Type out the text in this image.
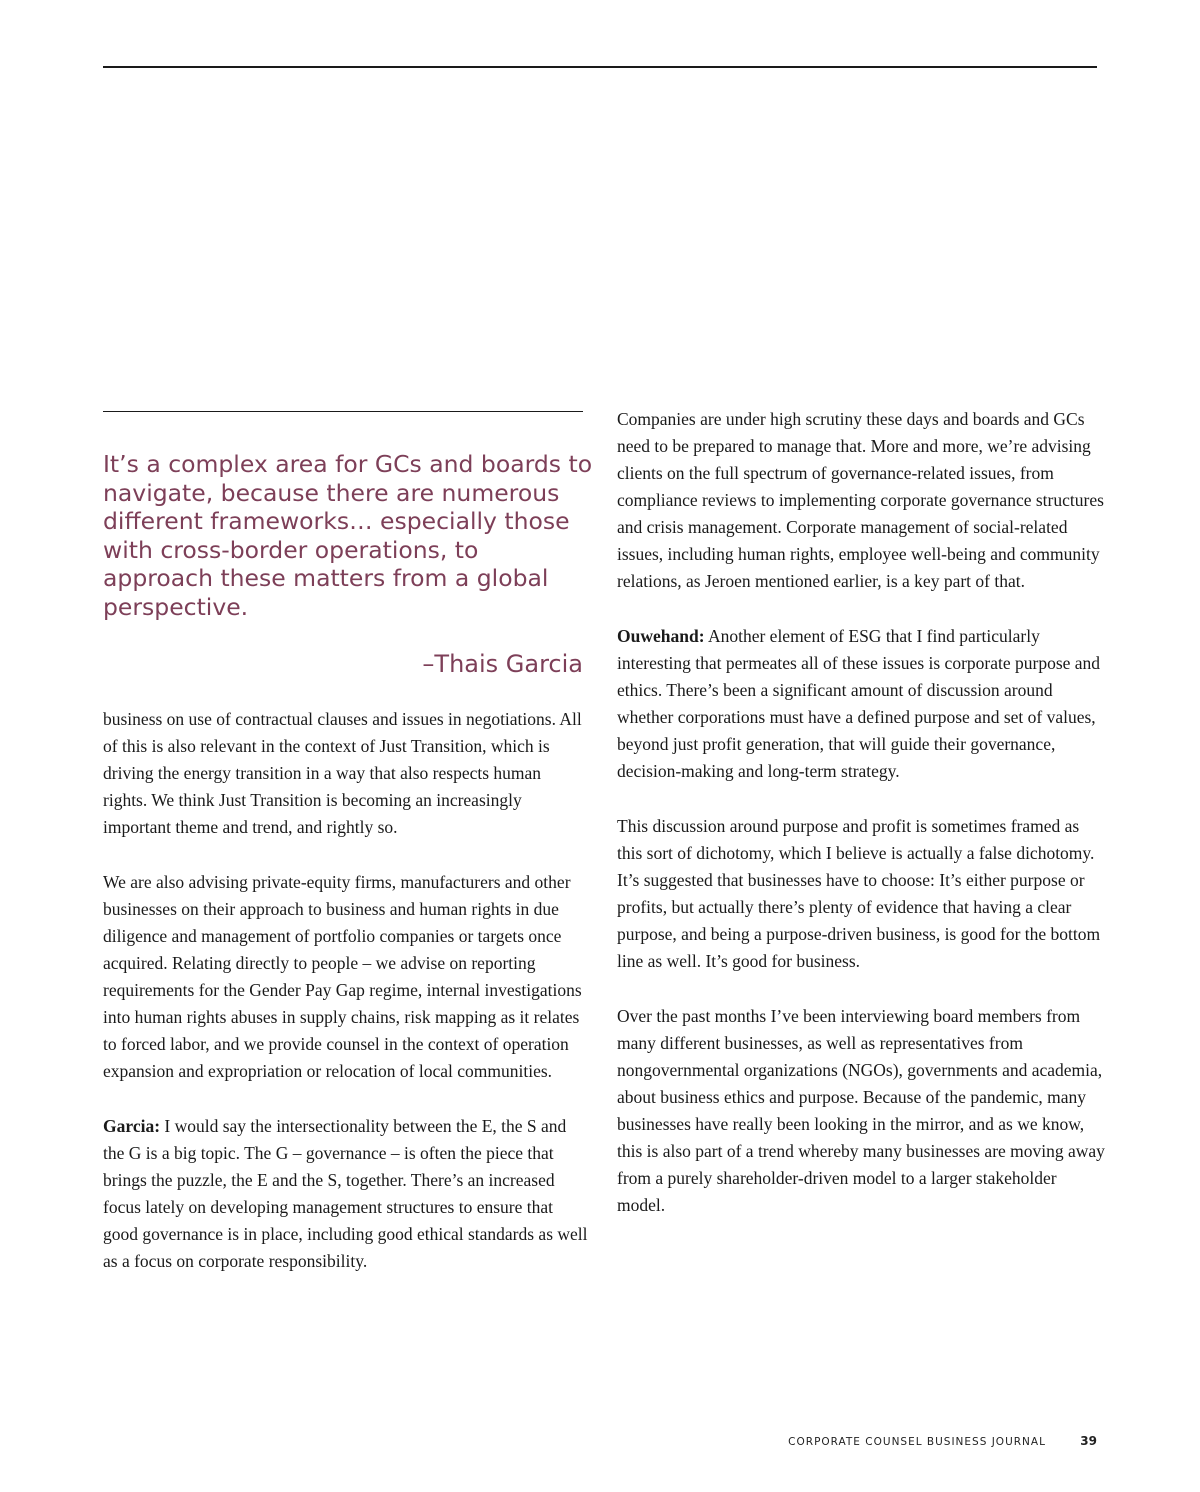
It’s a complex area for GCs and boards to navigate, because there are numerous different frameworks… especially those with cross-border operations, to approach these matters from a global perspective.

–Thais Garcia

business on use of contractual clauses and issues in negotiations. All of this is also relevant in the context of Just Transition, which is driving the energy transition in a way that also respects human rights. We think Just Transition is becoming an increasingly important theme and trend, and rightly so.

We are also advising private-equity firms, manufacturers and other businesses on their approach to business and human rights in due diligence and management of portfolio companies or targets once acquired. Relating directly to people – we advise on reporting requirements for the Gender Pay Gap regime, internal investigations into human rights abuses in supply chains, risk mapping as it relates to forced labor, and we provide counsel in the context of operation expansion and expropriation or relocation of local communities.

Garcia: I would say the intersectionality between the E, the S and the G is a big topic. The G – governance – is often the piece that brings the puzzle, the E and the S, together. There’s an increased focus lately on developing management structures to ensure that good governance is in place, including good ethical standards as well as a focus on corporate responsibility.

Companies are under high scrutiny these days and boards and GCs need to be prepared to manage that. More and more, we’re advising clients on the full spectrum of governance-related issues, from compliance reviews to implementing corporate governance structures and crisis management. Corporate management of social-related issues, including human rights, employee well-being and community relations, as Jeroen mentioned earlier, is a key part of that.

Ouwehand: Another element of ESG that I find particularly interesting that permeates all of these issues is corporate purpose and ethics. There’s been a significant amount of discussion around whether corporations must have a defined purpose and set of values, beyond just profit generation, that will guide their governance, decision-making and long-term strategy.

This discussion around purpose and profit is sometimes framed as this sort of dichotomy, which I believe is actually a false dichotomy. It’s suggested that businesses have to choose: It’s either purpose or profits, but actually there’s plenty of evidence that having a clear purpose, and being a purpose-driven business, is good for the bottom line as well. It’s good for business.

Over the past months I’ve been interviewing board members from many different businesses, as well as representatives from nongovernmental organizations (NGOs), governments and academia, about business ethics and purpose. Because of the pandemic, many businesses have really been looking in the mirror, and as we know, this is also part of a trend whereby many businesses are moving away from a purely shareholder-driven model to a larger stakeholder model.

CORPORATE COUNSEL BUSINESS JOURNAL	39
